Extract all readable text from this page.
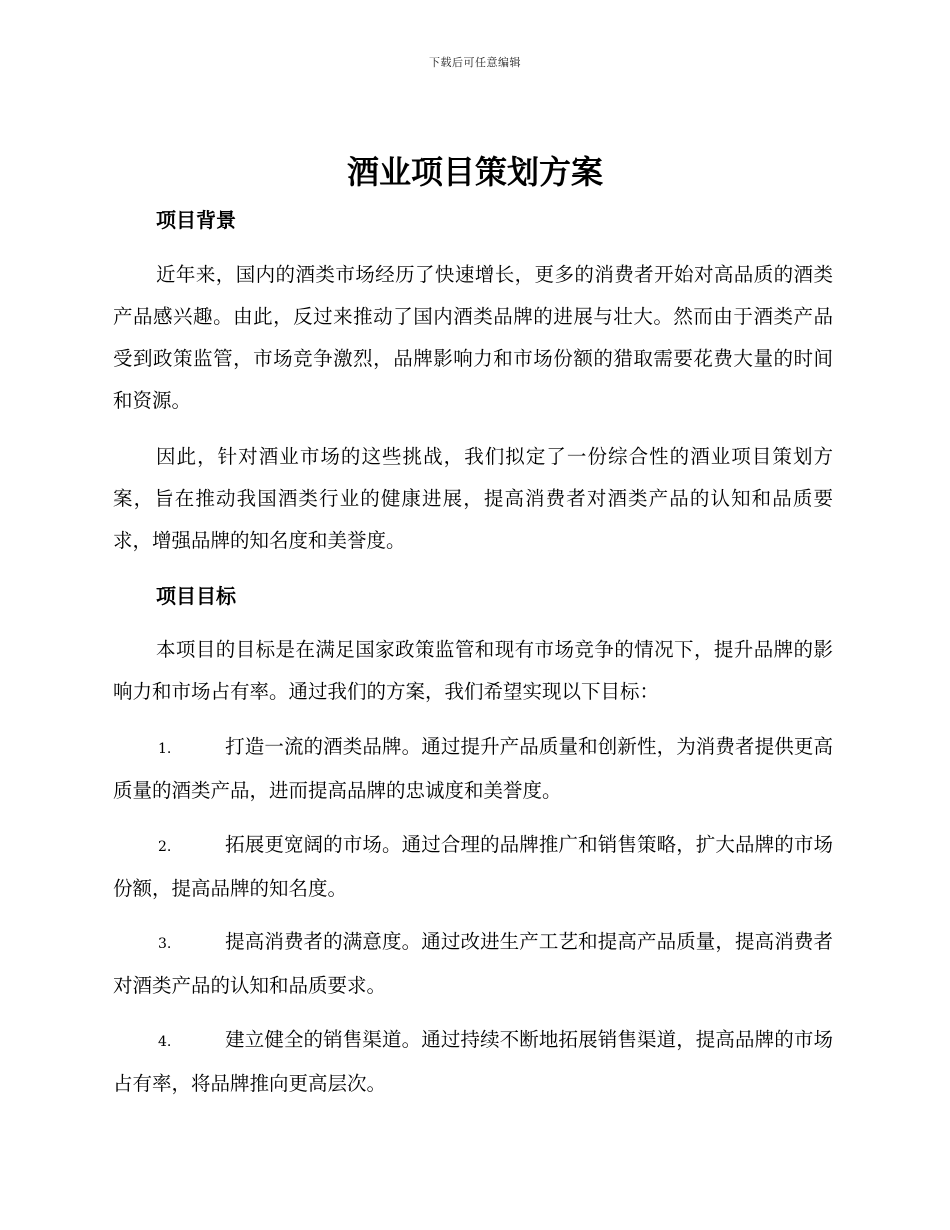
下载后可任意编辑
酒业项目策划方案
项目背景

近年来，国内的酒类市场经历了快速增长，更多的消费者开始对高品质的酒类产品感兴趣。由此，反过来推动了国内酒类品牌的进展与壮大。然而由于酒类产品受到政策监管，市场竞争激烈，品牌影响力和市场份额的猎取需要花费大量的时间和资源。

因此，针对酒业市场的这些挑战，我们拟定了一份综合性的酒业项目策划方案，旨在推动我国酒类行业的健康进展，提高消费者对酒类产品的认知和品质要求，增强品牌的知名度和美誉度。

项目目标

本项目的目标是在满足国家政策监管和现有市场竞争的情况下，提升品牌的影响力和市场占有率。通过我们的方案，我们希望实现以下目标：

1.	打造一流的酒类品牌。通过提升产品质量和创新性，为消费者提供更高质量的酒类产品，进而提高品牌的忠诚度和美誉度。

2.	拓展更宽阔的市场。通过合理的品牌推广和销售策略，扩大品牌的市场份额，提高品牌的知名度。

3.	提高消费者的满意度。通过改进生产工艺和提高产品质量，提高消费者对酒类产品的认知和品质要求。

4.	建立健全的销售渠道。通过持续不断地拓展销售渠道，提高品牌的市场占有率，将品牌推向更高层次。
